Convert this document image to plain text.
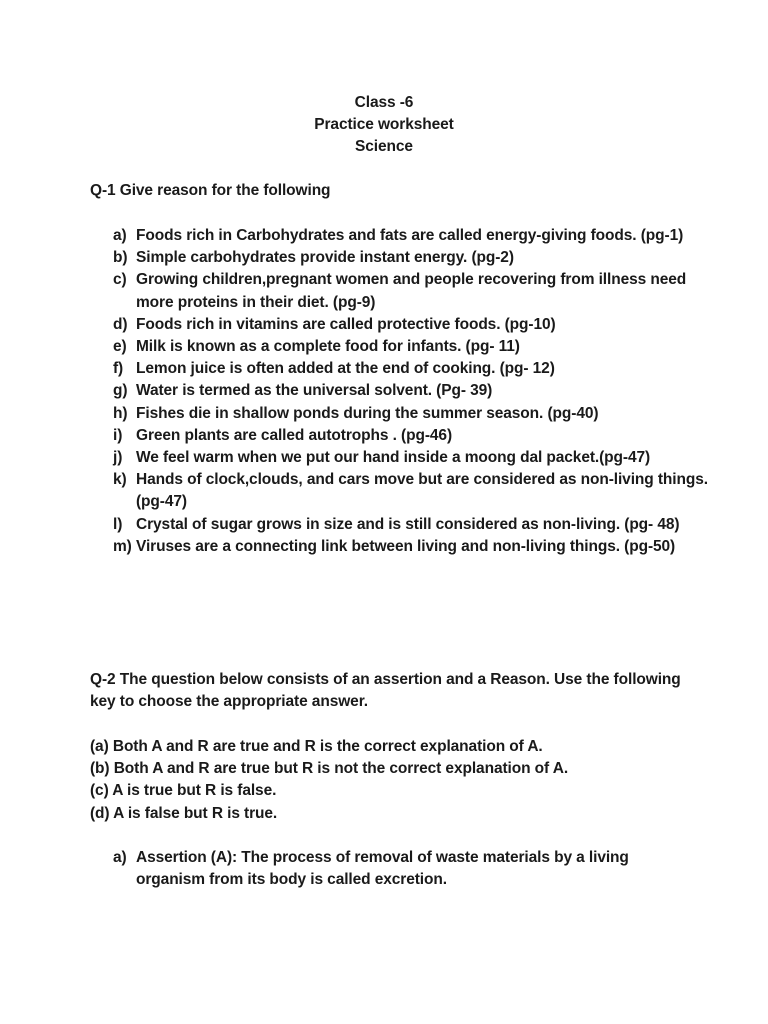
Class -6
Practice worksheet
Science
Q-1 Give reason for the following
a) Foods rich in Carbohydrates and fats are called energy-giving foods. (pg-1)
b) Simple carbohydrates provide instant energy. (pg-2)
c) Growing children,pregnant women and people recovering from illness need more proteins in their diet. (pg-9)
d) Foods rich in vitamins are called protective foods. (pg-10)
e) Milk is known as a complete food for infants. (pg- 11)
f) Lemon juice is often added at the end of cooking. (pg- 12)
g) Water is termed as the universal solvent. (Pg- 39)
h) Fishes die in shallow ponds during the summer season. (pg-40)
i) Green plants are called autotrophs . (pg-46)
j) We feel warm when we put our hand inside a moong dal packet.(pg-47)
k) Hands of clock,clouds, and cars move but are considered as non-living things.(pg-47)
l) Crystal of sugar grows in size and is still considered as non-living. (pg- 48)
m) Viruses are a connecting link between living and non-living things. (pg-50)
Q-2 The question below consists of an assertion and a Reason. Use the following key to choose the appropriate answer.
(a) Both A and R are true and R is the correct explanation of A.
(b) Both A and R are true but R is not the correct explanation of A.
(c) A is true but R is false.
(d) A is false but R is true.
a) Assertion (A): The process of removal of waste materials by a living organism from its body is called excretion.
